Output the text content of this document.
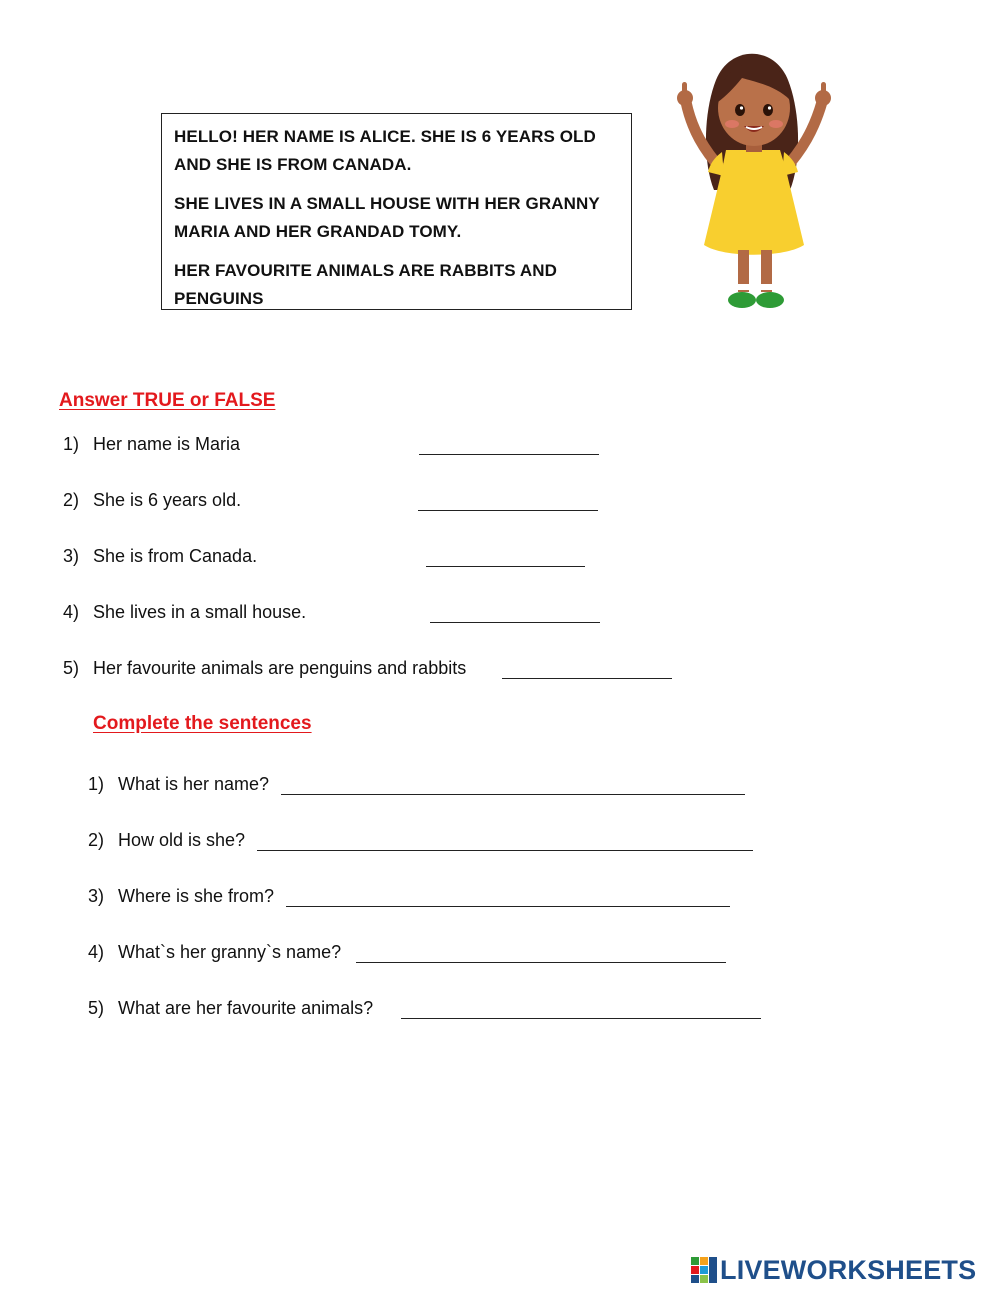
HELLO! HER NAME IS ALICE. SHE IS 6 YEARS OLD AND SHE IS FROM CANADA.

SHE LIVES IN A SMALL HOUSE WITH HER GRANNY MARIA AND HER GRANDAD TOMY.

HER FAVOURITE ANIMALS ARE RABBITS AND PENGUINS

Answer TRUE or FALSE
1) Her name is Maria
2) She is 6 years old.
3) She is from Canada.
4) She lives in a small house.
5) Her favourite animals are penguins and rabbits
Complete the sentences
1) What is her name?
2) How old is she?
3) Where is she from?
4) What`s her granny`s name?
5) What are her favourite animals?
LIVEWORKSHEETS
